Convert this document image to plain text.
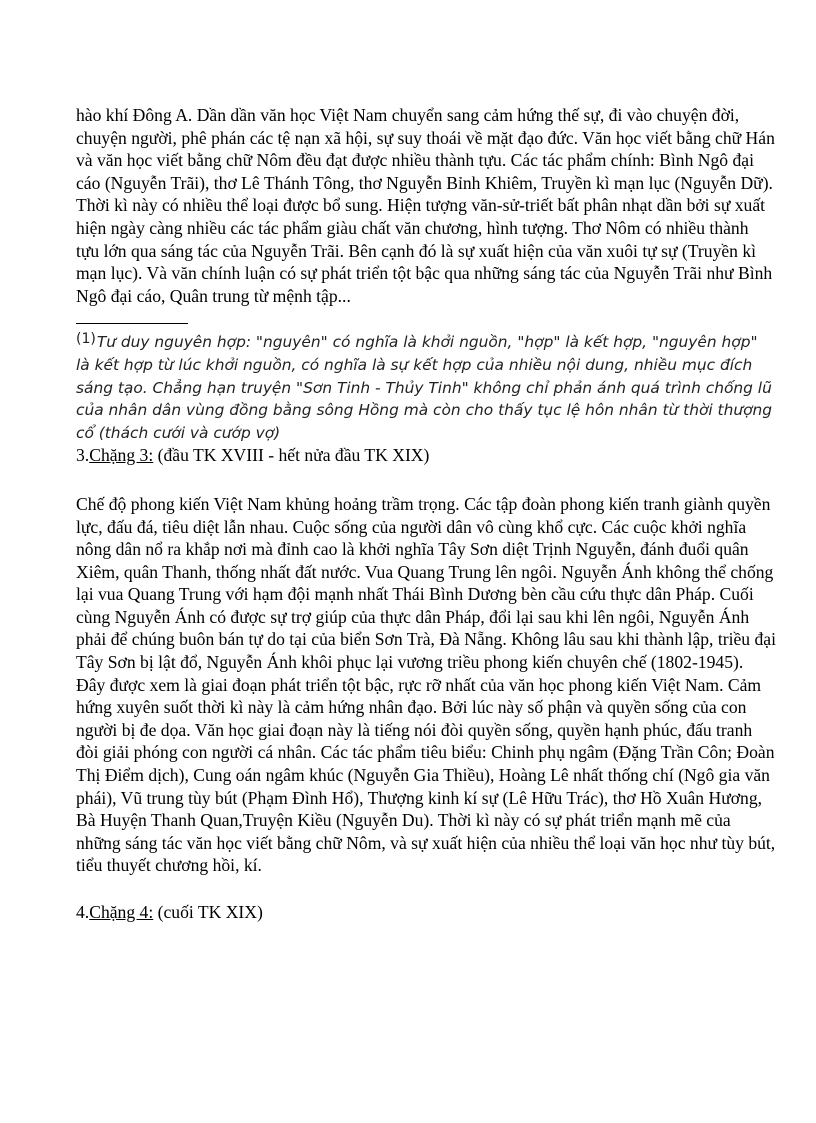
hào khí Đông A. Dần dần văn học Việt Nam chuyển sang cảm hứng thế sự, đi vào chuyện đời, chuyện người, phê phán các tệ nạn xã hội, sự suy thoái về mặt đạo đức. Văn học viết bằng chữ Hán và văn học viết bằng chữ Nôm đều đạt được nhiều thành tựu. Các tác phẩm chính: Bình Ngô đại cáo (Nguyễn Trãi), thơ Lê Thánh Tông, thơ Nguyễn Bỉnh Khiêm, Truyền kì mạn lục (Nguyễn Dữ).

Thời kì này có nhiều thể loại được bổ sung. Hiện tượng văn-sử-triết bất phân nhạt dần bởi sự xuất hiện ngày càng nhiều các tác phẩm giàu chất văn chương, hình tượng. Thơ Nôm có nhiều thành tựu lớn qua sáng tác của Nguyễn Trãi. Bên cạnh đó là sự xuất hiện của văn xuôi tự sự (Truyền kì mạn lục). Và văn chính luận có sự phát triển tột bậc qua những sáng tác của Nguyễn Trãi như Bình Ngô đại cáo, Quân trung từ mệnh tập...

(1)Tư duy nguyên hợp: "nguyên" có nghĩa là khởi nguồn, "hợp" là kết hợp, "nguyên hợp" là kết hợp từ lúc khởi nguồn, có nghĩa là sự kết hợp của nhiều nội dung, nhiều mục đích sáng tạo. Chẳng hạn truyện "Sơn Tinh - Thủy Tinh" không chỉ phản ánh quá trình chống lũ của nhân dân vùng đồng bằng sông Hồng mà còn cho thấy tục lệ hôn nhân từ thời thượng cổ (thách cưới và cướp vợ)

3.Chặng 3: (đầu TK XVIII - hết nửa đầu TK XIX)

Chế độ phong kiến Việt Nam khủng hoảng trầm trọng. Các tập đoàn phong kiến tranh giành quyền lực, đấu đá, tiêu diệt lẫn nhau. Cuộc sống của người dân vô cùng khổ cực. Các cuộc khởi nghĩa nông dân nổ ra khắp nơi mà đỉnh cao là khởi nghĩa Tây Sơn diệt Trịnh Nguyễn, đánh đuổi quân Xiêm, quân Thanh, thống nhất đất nước. Vua Quang Trung lên ngôi. Nguyễn Ánh không thể chống lại vua Quang Trung với hạm đội mạnh nhất Thái Bình Dương bèn cầu cứu thực dân Pháp. Cuối cùng Nguyễn Ánh có được sự trợ giúp của thực dân Pháp, đổi lại sau khi lên ngôi, Nguyễn Ánh phải để chúng buôn bán tự do tại của biển Sơn Trà, Đà Nẵng. Không lâu sau khi thành lập, triều đại Tây Sơn bị lật đổ, Nguyễn Ánh khôi phục lại vương triều phong kiến chuyên chế (1802-1945).

Đây được xem là giai đoạn phát triển tột bậc, rực rỡ nhất của văn học phong kiến Việt Nam. Cảm hứng xuyên suốt thời kì này là cảm hứng nhân đạo. Bởi lúc này số phận và quyền sống của con người bị đe dọa. Văn học giai đoạn này là tiếng nói đòi quyền sống, quyền hạnh phúc, đấu tranh đòi giải phóng con người cá nhân. Các tác phẩm tiêu biểu: Chinh phụ ngâm (Đặng Trần Côn; Đoàn Thị Điểm dịch), Cung oán ngâm khúc (Nguyễn Gia Thiều), Hoàng Lê nhất thống chí (Ngô gia văn phái), Vũ trung tùy bút (Phạm Đình Hổ), Thượng kinh kí sự (Lê Hữu Trác), thơ Hồ Xuân Hương, Bà Huyện Thanh Quan,Truyện Kiều (Nguyễn Du). Thời kì này có sự phát triển mạnh mẽ của những sáng tác văn học viết bằng chữ Nôm, và sự xuất hiện của nhiều thể loại văn học như tùy bút, tiểu thuyết chương hồi, kí.

4.Chặng 4: (cuối TK XIX)
